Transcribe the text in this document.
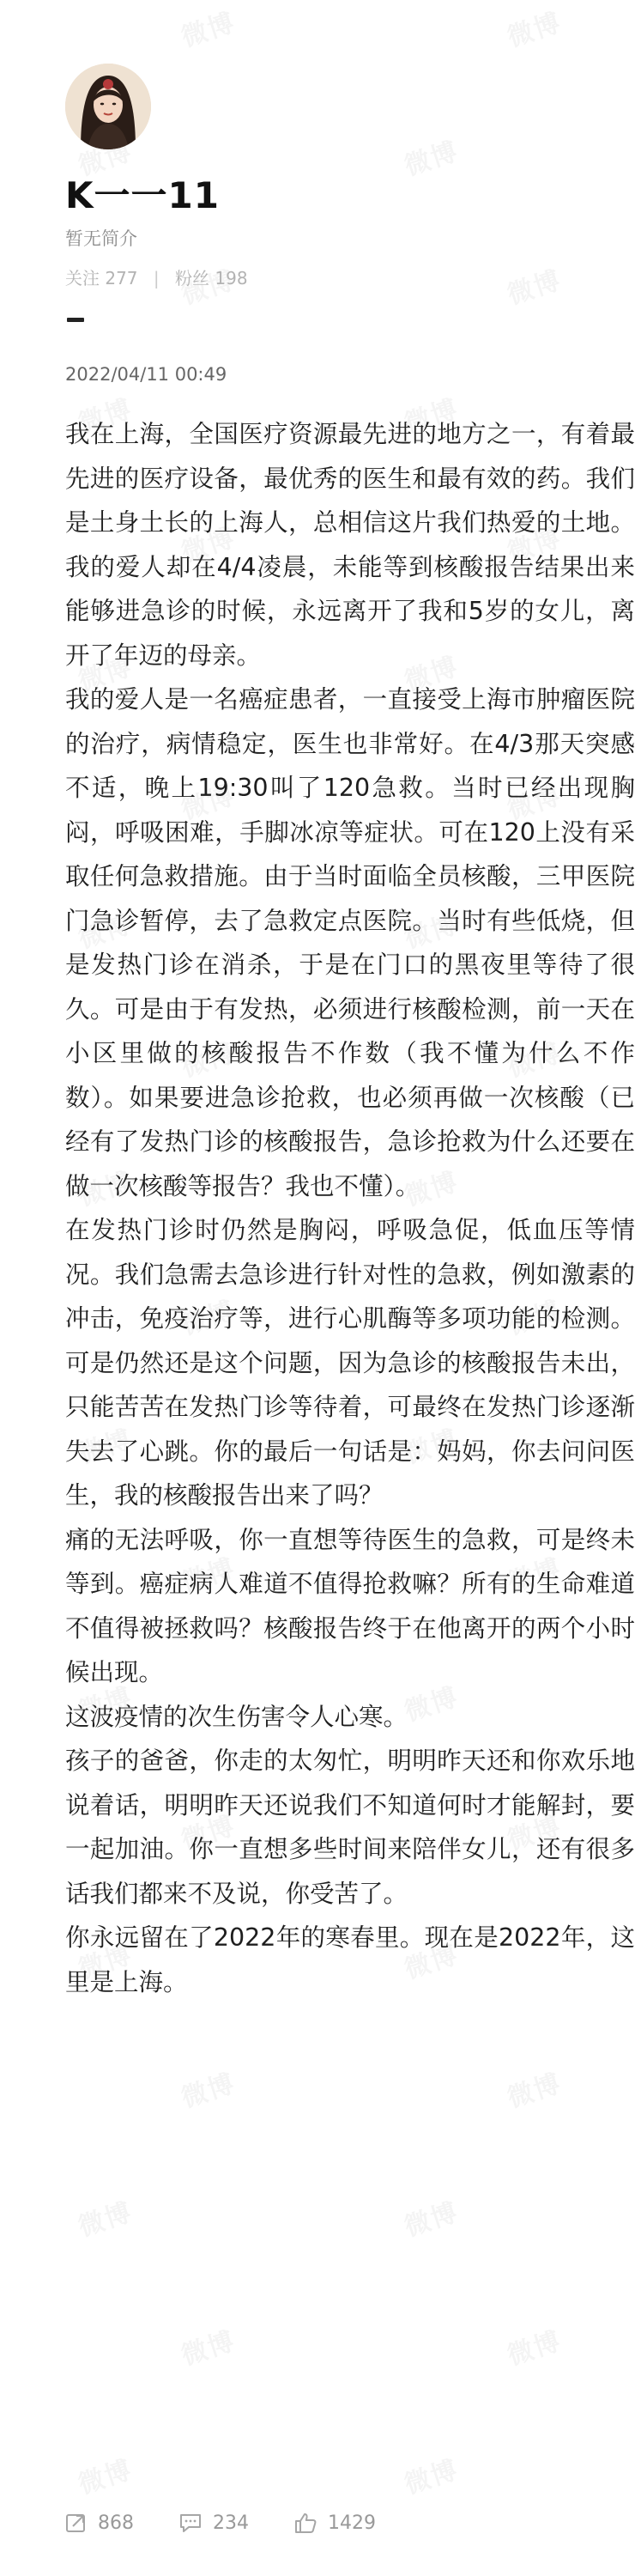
K一一11
暂无简介
关注 277 | 粉丝 198
2022/04/11 00:49

我在上海，全国医疗资源最先进的地方之一，有着最先进的医疗设备，最优秀的医生和最有效的药。我们是土身土长的上海人，总相信这片我们热爱的土地。我的爱人却在4/4凌晨，未能等到核酸报告结果出来能够进急诊的时候，永远离开了我和5岁的女儿，离开了年迈的母亲。

我的爱人是一名癌症患者，一直接受上海市肿瘤医院的治疗，病情稳定，医生也非常好。在4/3那天突感不适，晚上19:30叫了120急救。当时已经出现胸闷，呼吸困难，手脚冰凉等症状。可在120上没有采取任何急救措施。由于当时面临全员核酸，三甲医院门急诊暂停，去了急救定点医院。当时有些低烧，但是发热门诊在消杀，于是在门口的黑夜里等待了很久。可是由于有发热，必须进行核酸检测，前一天在小区里做的核酸报告不作数（我不懂为什么不作数）。如果要进急诊抢救，也必须再做一次核酸（已经有了发热门诊的核酸报告，急诊抢救为什么还要在做一次核酸等报告？我也不懂）。

在发热门诊时仍然是胸闷，呼吸急促，低血压等情况。我们急需去急诊进行针对性的急救，例如激素的冲击，免疫治疗等，进行心肌酶等多项功能的检测。可是仍然还是这个问题，因为急诊的核酸报告未出，只能苦苦在发热门诊等待着，可最终在发热门诊逐渐失去了心跳。你的最后一句话是：妈妈，你去问问医生，我的核酸报告出来了吗？

痛的无法呼吸，你一直想等待医生的急救，可是终未等到。癌症病人难道不值得抢救嘛？所有的生命难道不值得被拯救吗？核酸报告终于在他离开的两个小时候出现。

这波疫情的次生伤害令人心寒。

孩子的爸爸，你走的太匆忙，明明昨天还和你欢乐地说着话，明明昨天还说我们不知道何时才能解封，要一起加油。你一直想多些时间来陪伴女儿，还有很多话我们都来不及说，你受苦了。

你永远留在了2022年的寒春里。现在是2022年，这里是上海。

868	234	1429
